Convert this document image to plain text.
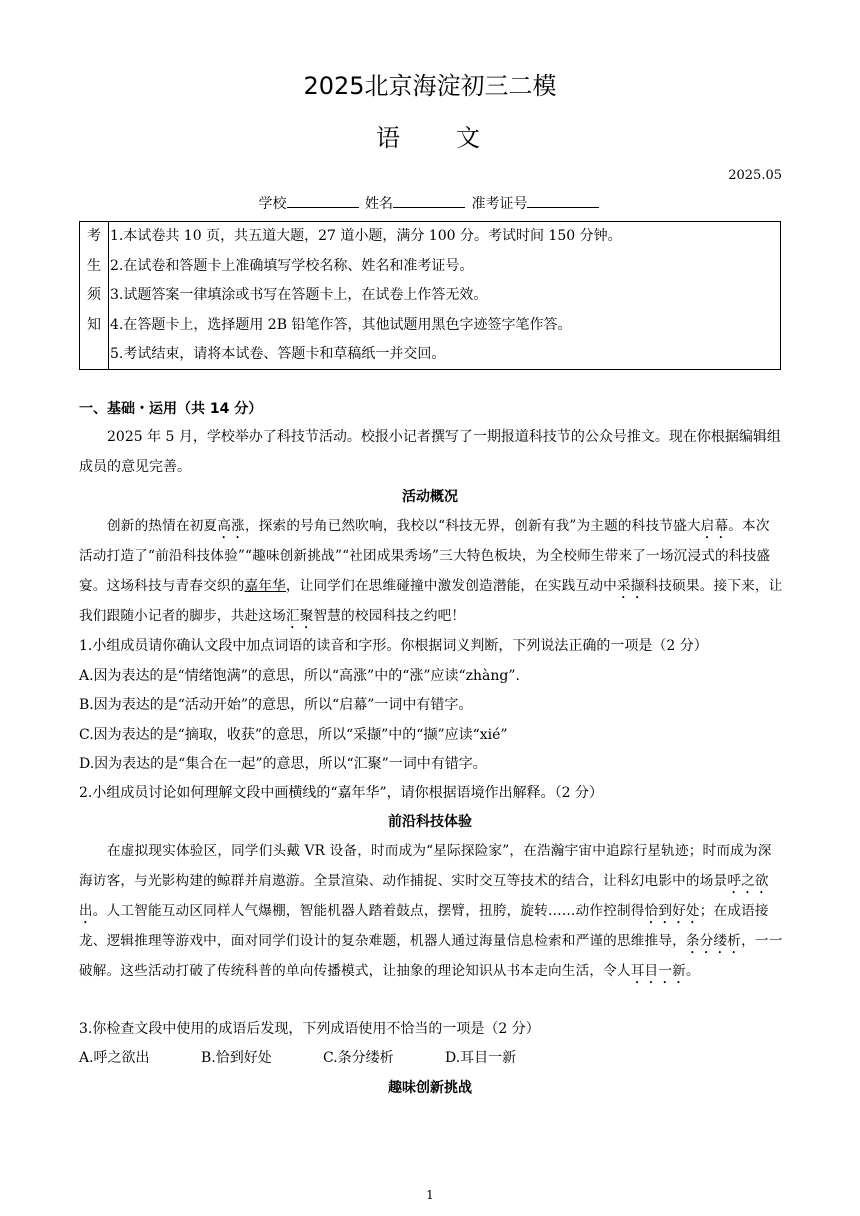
2025北京海淀初三二模
语 文
2025.05
学校	姓名	准考证号
考
生
须
知
1.本试卷共 10 页，共五道大题，27 道小题，满分 100 分。考试时间 150 分钟。
2.在试卷和答题卡上准确填写学校名称、姓名和准考证号。
3.试题答案一律填涂或书写在答题卡上，在试卷上作答无效。
4.在答题卡上，选择题用 2B 铅笔作答，其他试题用黑色字迹签字笔作答。
5.考试结束，请将本试卷、答题卡和草稿纸一并交回。
一、基础・运用（共 14 分）
2025 年 5 月，学校举办了科技节活动。校报小记者撰写了一期报道科技节的公众号推文。现在你根据编辑组成员的意见完善。
活动概况
创新的热情在初夏高涨，探索的号角已然吹响，我校以“科技无界，创新有我”为主题的科技节盛大启幕。本次活动打造了“前沿科技体验”“趣味创新挑战”“社团成果秀场”三大特色板块，为全校师生带来了一场沉浸式的科技盛宴。这场科技与青春交织的嘉年华，让同学们在思维碰撞中激发创造潜能，在实践互动中采撷科技硕果。接下来，让我们跟随小记者的脚步，共赴这场汇聚智慧的校园科技之约吧！
1.小组成员请你确认文段中加点词语的读音和字形。你根据词义判断，下列说法正确的一项是（2 分）
A.因为表达的是“情绪饱满”的意思，所以“高涨”中的“涨”应读“zhàng”.
B.因为表达的是“活动开始”的意思，所以“启幕”一词中有错字。
C.因为表达的是“摘取，收获”的意思，所以“采撷”中的“撷”应读“xié”
D.因为表达的是“集合在一起”的意思，所以“汇聚”一词中有错字。
2.小组成员讨论如何理解文段中画横线的“嘉年华”，请你根据语境作出解释。（2 分）
前沿科技体验
在虚拟现实体验区，同学们头戴 VR 设备，时而成为“星际探险家”，在浩瀚宇宙中追踪行星轨迹；时而成为深海访客，与光影构建的鲸群并肩遨游。全景渲染、动作捕捉、实时交互等技术的结合，让科幻电影中的场景呼之欲出。人工智能互动区同样人气爆棚，智能机器人踏着鼓点，摆臂，扭胯，旋转……动作控制得恰到好处；在成语接龙、逻辑推理等游戏中，面对同学们设计的复杂难题，机器人通过海量信息检索和严谨的思维推导，条分缕析，一一破解。这些活动打破了传统科普的单向传播模式，让抽象的理论知识从书本走向生活，令人耳目一新。
3.你检查文段中使用的成语后发现，下列成语使用不恰当的一项是（2 分）
A.呼之欲出	B.恰到好处	C.条分缕析	D.耳目一新
趣味创新挑战
1
